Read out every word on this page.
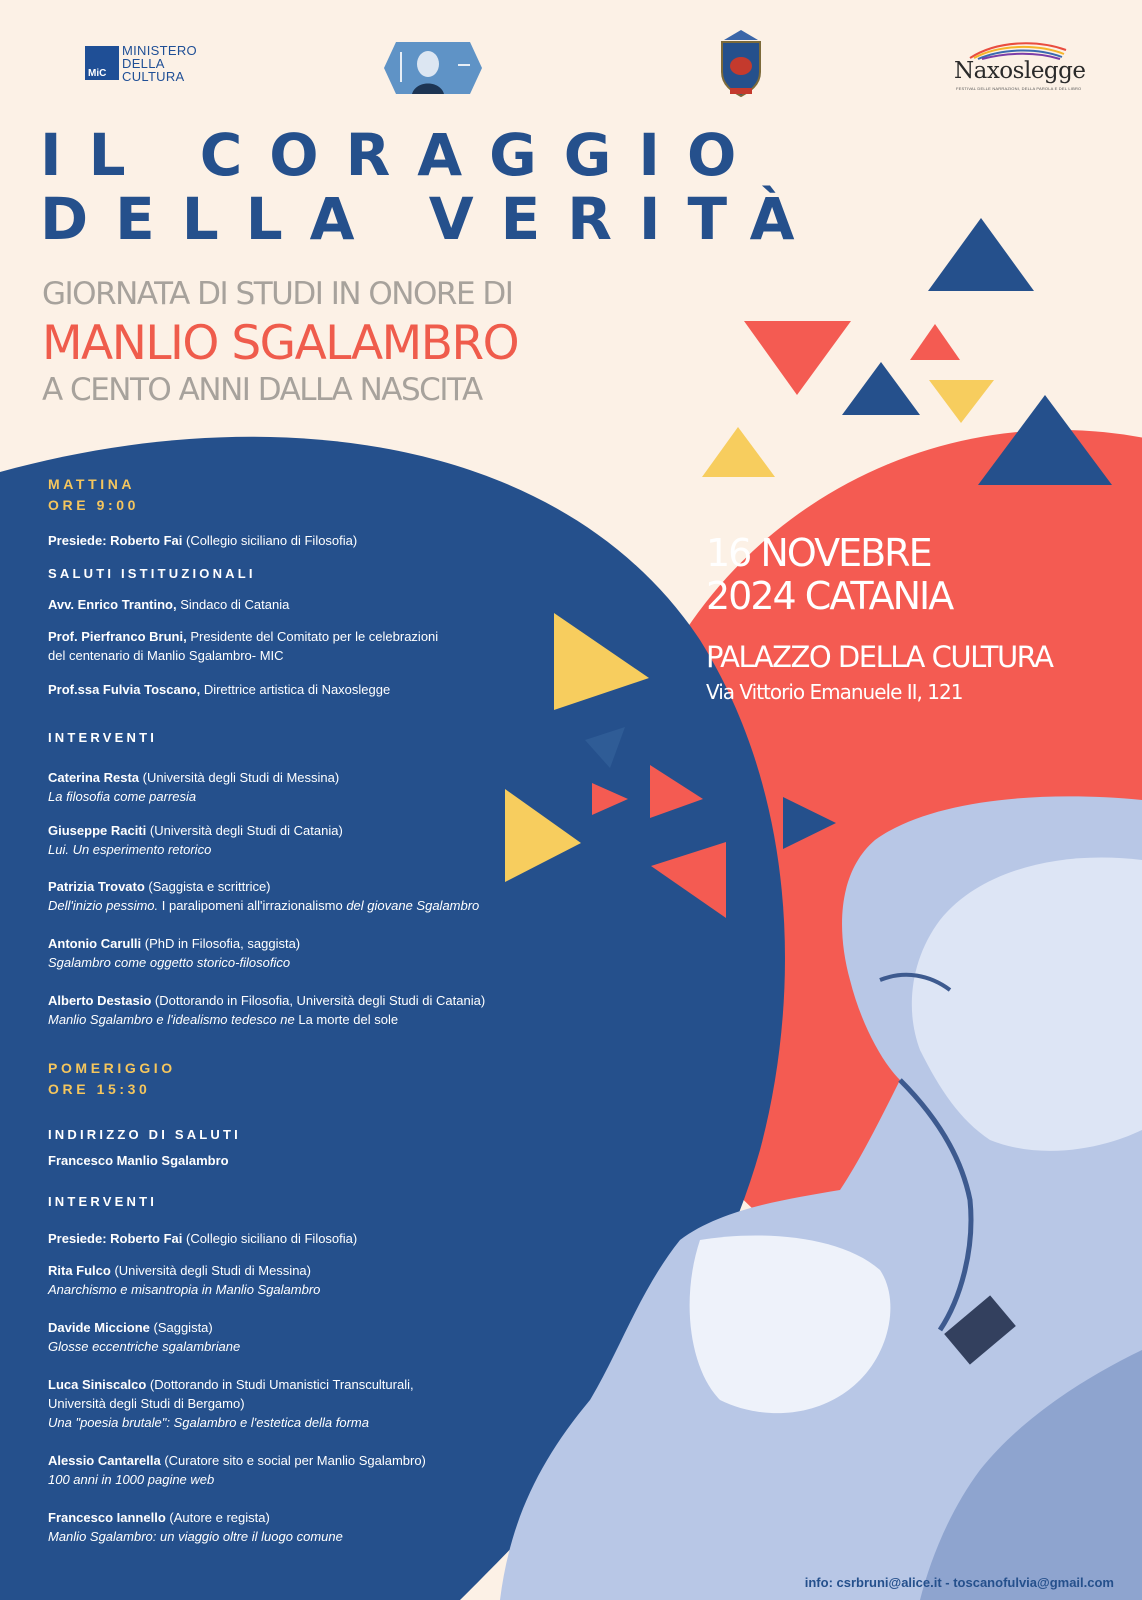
MiC
MINISTERO
DELLA
CULTURA	Naxoslegge
FESTIVAL DELLE NARRAZIONI, DELLA PAROLA E DEL LIBRO
IL CORAGGIO
DELLA VERITÀ
GIORNATA DI STUDI IN ONORE DI
MANLIO SGALAMBRO
A CENTO ANNI DALLA NASCITA
16 NOVEBRE
2024 CATANIA
PALAZZO DELLA CULTURA
Via Vittorio Emanuele II, 121
MATTINA
ORE 9:00
Presiede: Roberto Fai (Collegio siciliano di Filosofia)
SALUTI ISTITUZIONALI
Avv. Enrico Trantino, Sindaco di Catania
Prof. Pierfranco Bruni, Presidente del Comitato per le celebrazioni
del centenario di Manlio Sgalambro- MIC
Prof.ssa Fulvia Toscano, Direttrice artistica di Naxoslegge
INTERVENTI
Caterina Resta (Università degli Studi di Messina)
La filosofia come parresia
Giuseppe Raciti (Università degli Studi di Catania)
Lui. Un esperimento retorico
Patrizia Trovato (Saggista e scrittrice)
Dell'inizio pessimo. I paralipomeni all'irrazionalismo del giovane Sgalambro
Antonio Carulli (PhD in Filosofia, saggista)
Sgalambro come oggetto storico-filosofico
Alberto Destasio (Dottorando in Filosofia, Università degli Studi di Catania)
Manlio Sgalambro e l'idealismo tedesco ne La morte del sole
POMERIGGIO
ORE 15:30
INDIRIZZO DI SALUTI
Francesco Manlio Sgalambro
INTERVENTI
Presiede: Roberto Fai (Collegio siciliano di Filosofia)
Rita Fulco (Università degli Studi di Messina)
Anarchismo e misantropia in Manlio Sgalambro
Davide Miccione (Saggista)
Glosse eccentriche sgalambriane
Luca Siniscalco (Dottorando in Studi Umanistici Transculturali,
Università degli Studi di Bergamo)
Una "poesia brutale": Sgalambro e l'estetica della forma
Alessio Cantarella (Curatore sito e social per Manlio Sgalambro)
100 anni in 1000 pagine web
Francesco Iannello (Autore e regista)
Manlio Sgalambro: un viaggio oltre il luogo comune
info: csrbruni@alice.it - toscanofulvia@gmail.com
